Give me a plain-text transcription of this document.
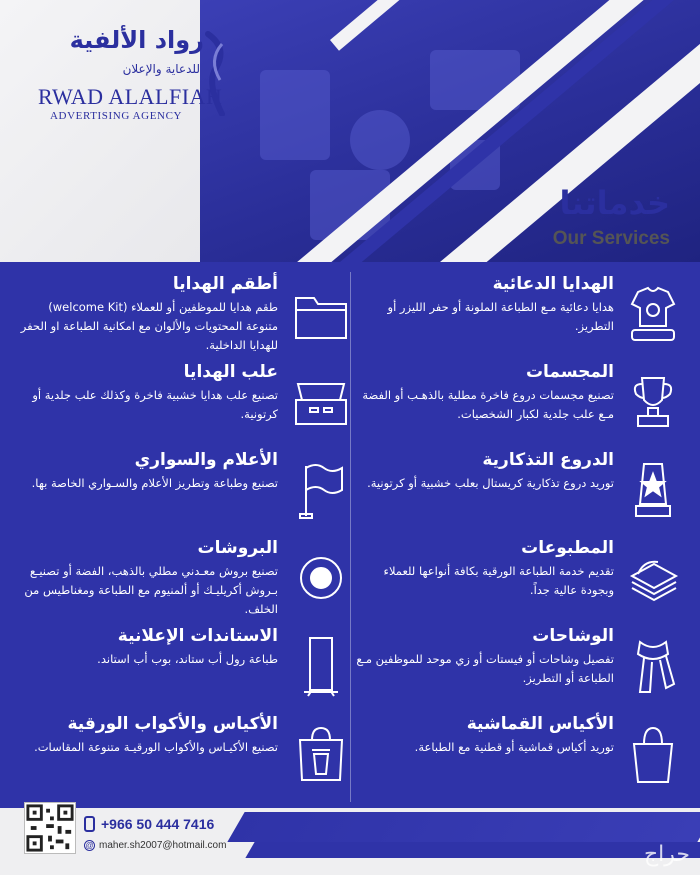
رواد الألفية
للدعاية والإعلان
RWAD ALALFIAH
ADVERTISING AGENCY
خدماتنا
Our Services
الهدايا الدعائية
هدايا دعائية مـع الطباعة الملونة أو حفر الليزر أو التطريز.
المجسمات
تصنيع مجسمات دروع فاخرة مطلية بالذهـب أو الفضة مـع علب جلدية لكبار الشخصيات.
الدروع التذكارية
توريد دروع تذكارية كريستال بعلب خشبية أو كرتونية.
المطبوعات
تقديم خدمة الطباعة الورقية بكافة أنواعها للعملاء وبجودة عالية جداً.
الوشاحات
تفصيل وشاحات أو فيستات أو زي موحد للموظفين مـع الطباعة أو التطريز.
الأكياس القماشية
توريد أكياس قماشية أو قطنية مع الطباعة.
أطقم الهدايا
طقم هدايا للموظفين أو للعملاء (welcome Kit) متنوعة المحتويات والألوان مع امكانية الطباعة او الحفر للهدايا الداخلية.
علب الهدايا
تصنيع علب هدايا خشبية فاخرة وكذلك علب جلدية أو كرتونية.
الأعلام والسواري
تصنيع وطباعة وتطريز الأعلام والسـواري الخاصة بها.
البروشات
تصنيع بروش معـدني مطلي بالذهب، الفضة أو تصنيـع بـروش أكريليـك أو ألمنيوم مع الطباعة ومغناطيس من الخلف.
الاستاندات الإعلانية
طباعة رول أب ستاند، بوب أب استاند.
الأكياس والأكواب الورقية
تصنيع الأكيـاس والأكواب الورقيـة متنوعة المقاسات.
+966 50 444 7416
@ maher.sh2007@hotmail.com	حراج
